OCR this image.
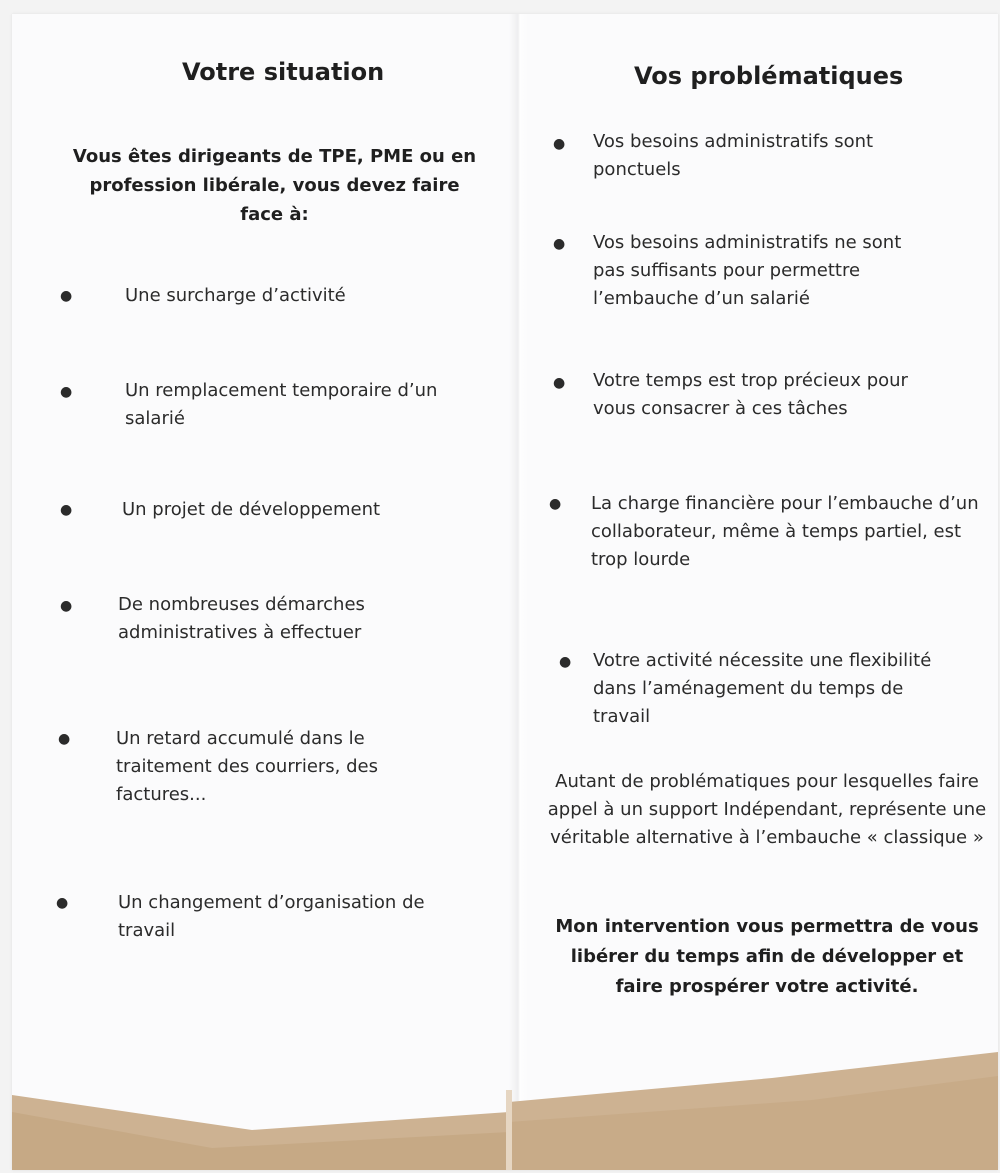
Votre situation
Vous êtes dirigeants de TPE, PME ou en profession libérale, vous devez faire face à:
●	Une surcharge d’activité
●	Un remplacement temporaire d’un salarié
●	Un projet de développement
●	De nombreuses démarches administratives à effectuer
●	Un retard accumulé dans le traitement des courriers, des factures...
●	Un changement d’organisation de travail
Vos problématiques
● Vos besoins administratifs sont ponctuels
● Vos besoins administratifs ne sont pas suffisants pour permettre l’embauche d’un salarié
● Votre temps est trop précieux pour vous consacrer à ces tâches
● La charge financière pour l’embauche d’un collaborateur, même à temps partiel, est trop lourde
● Votre activité nécessite une flexibilité dans l’aménagement du temps de travail
Autant de problématiques pour lesquelles faire appel à un support Indépendant, représente une véritable alternative à l’embauche « classique »
Mon intervention vous permettra de vous libérer du temps afin de développer et faire prospérer votre activité.
